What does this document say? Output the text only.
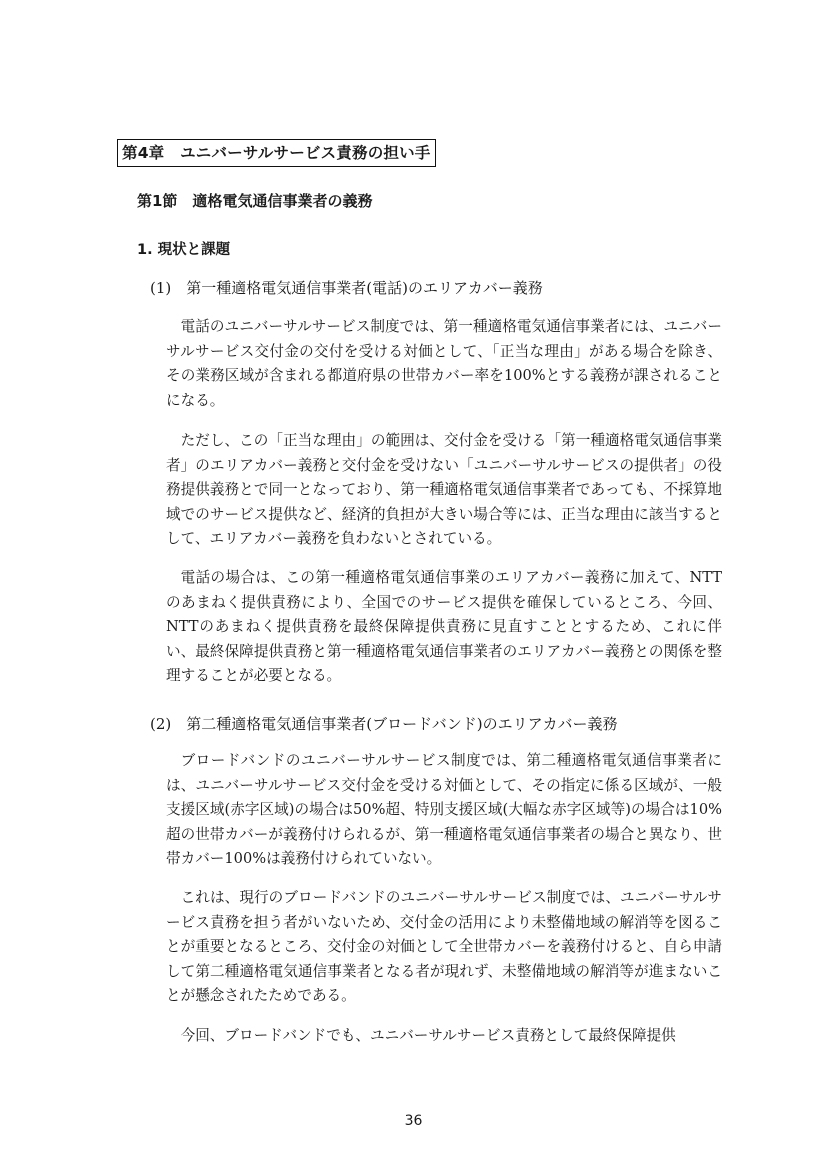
第4章　ユニバーサルサービス責務の担い手
第1節　適格電気通信事業者の義務
1. 現状と課題
(1)　第一種適格電気通信事業者(電話)のエリアカバー義務

電話のユニバーサルサービス制度では、第一種適格電気通信事業者には、ユニバーサルサービス交付金の交付を受ける対価として、「正当な理由」がある場合を除き、その業務区域が含まれる都道府県の世帯カバー率を100%とする義務が課されることになる。

ただし、この「正当な理由」の範囲は、交付金を受ける「第一種適格電気通信事業者」のエリアカバー義務と交付金を受けない「ユニバーサルサービスの提供者」の役務提供義務とで同一となっており、第一種適格電気通信事業者であっても、不採算地域でのサービス提供など、経済的負担が大きい場合等には、正当な理由に該当するとして、エリアカバー義務を負わないとされている。

電話の場合は、この第一種適格電気通信事業のエリアカバー義務に加えて、NTTのあまねく提供責務により、全国でのサービス提供を確保しているところ、今回、NTTのあまねく提供責務を最終保障提供責務に見直すこととするため、これに伴い、最終保障提供責務と第一種適格電気通信事業者のエリアカバー義務との関係を整理することが必要となる。

(2)　第二種適格電気通信事業者(ブロードバンド)のエリアカバー義務

ブロードバンドのユニバーサルサービス制度では、第二種適格電気通信事業者には、ユニバーサルサービス交付金を受ける対価として、その指定に係る区域が、一般支援区域(赤字区域)の場合は50%超、特別支援区域(大幅な赤字区域等)の場合は10%超の世帯カバーが義務付けられるが、第一種適格電気通信事業者の場合と異なり、世帯カバー100%は義務付けられていない。

これは、現行のブロードバンドのユニバーサルサービス制度では、ユニバーサルサービス責務を担う者がいないため、交付金の活用により未整備地域の解消等を図ることが重要となるところ、交付金の対価として全世帯カバーを義務付けると、自ら申請して第二種適格電気通信事業者となる者が現れず、未整備地域の解消等が進まないことが懸念されたためである。

今回、ブロードバンドでも、ユニバーサルサービス責務として最終保障提供

36
